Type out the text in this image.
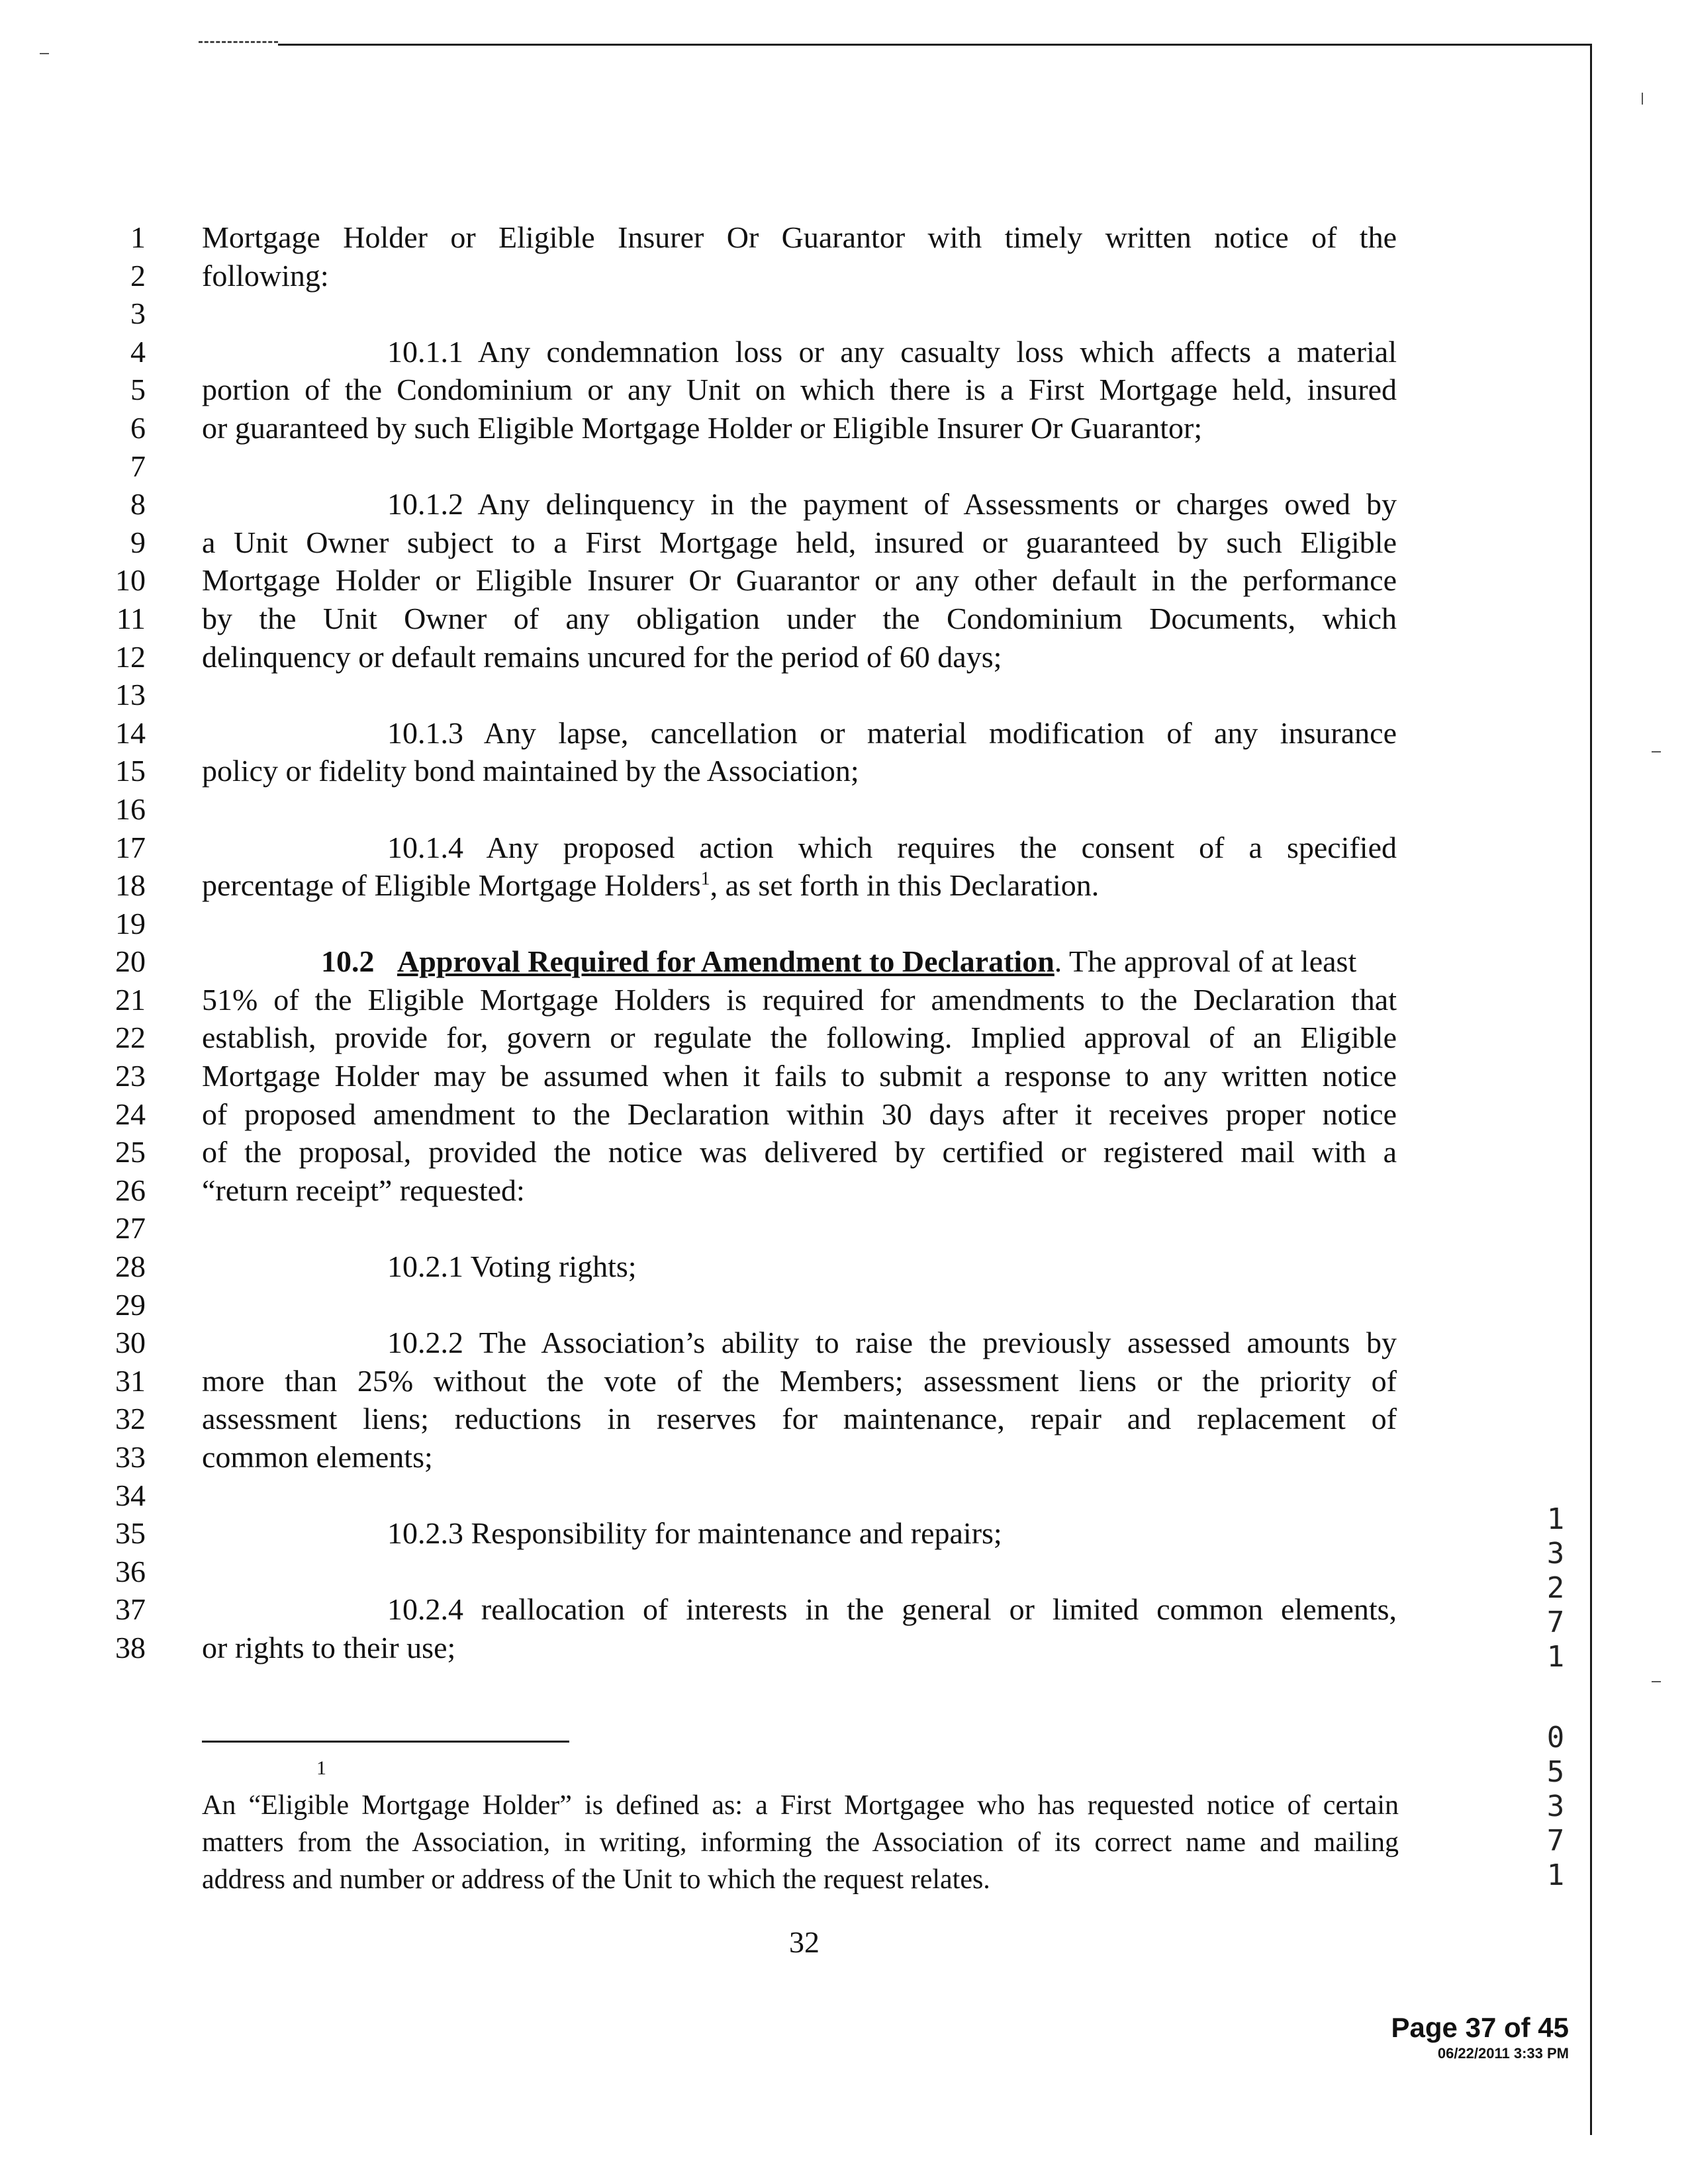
1 Mortgage Holder or Eligible Insurer Or Guarantor with timely written notice of the
2 following:
3
4	10.1.1 Any condemnation loss or any casualty loss which affects a material
5 portion of the Condominium or any Unit on which there is a First Mortgage held, insured
6 or guaranteed by such Eligible Mortgage Holder or Eligible Insurer Or Guarantor;
7
8	10.1.2 Any delinquency in the payment of Assessments or charges owed by
9 a Unit Owner subject to a First Mortgage held, insured or guaranteed by such Eligible
10 Mortgage Holder or Eligible Insurer Or Guarantor or any other default in the performance
11 by the Unit Owner of any obligation under the Condominium Documents, which
12 delinquency or default remains uncured for the period of 60 days;
13
14	10.1.3 Any lapse, cancellation or material modification of any insurance
15 policy or fidelity bond maintained by the Association;
16
17	10.1.4 Any proposed action which requires the consent of a specified
18 percentage of Eligible Mortgage Holders$^1$, as set forth in this Declaration.
19
20	10.2 Approval Required for Amendment to Declaration. The approval of at least
21 51% of the Eligible Mortgage Holders is required for amendments to the Declaration that
22 establish, provide for, govern or regulate the following. Implied approval of an Eligible
23 Mortgage Holder may be assumed when it fails to submit a response to any written notice
24 of proposed amendment to the Declaration within 30 days after it receives proper notice
25 of the proposal, provided the notice was delivered by certified or registered mail with a
26 “return receipt” requested:
27
28	10.2.1 Voting rights;
29
30	10.2.2 The Association’s ability to raise the previously assessed amounts by
31 more than 25% without the vote of the Members; assessment liens or the priority of
32 assessment liens; reductions in reserves for maintenance, repair and replacement of
33 common elements;
34
35	10.2.3 Responsibility for maintenance and repairs;
36
37	10.2.4 reallocation of interests in the general or limited common elements,
38 or rights to their use;
1
An “Eligible Mortgage Holder” is defined as: a First Mortgagee who has requested notice of certain
matters from the Association, in writing, informing the Association of its correct name and mailing
address and number or address of the Unit to which the request relates.
32
1
3
2
7
1
0
5
3
7
1
Page 37 of 45
06/22/2011 3:33 PM
